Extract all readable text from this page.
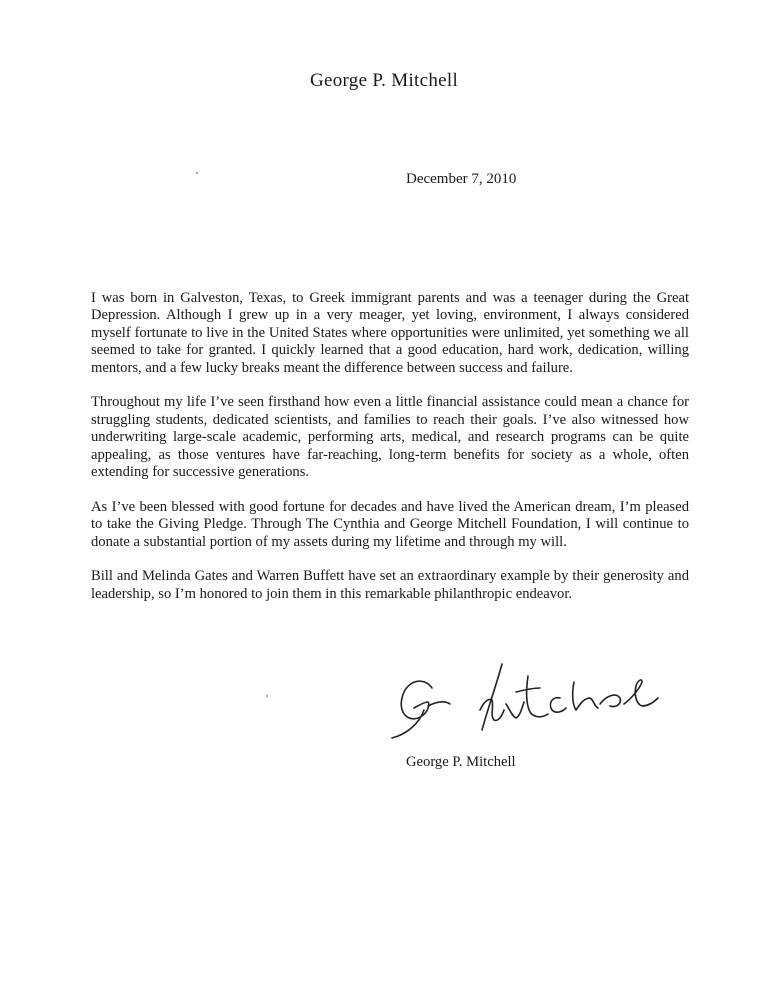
George P. Mitchell
December 7, 2010

I was born in Galveston, Texas, to Greek immigrant parents and was a teenager during the Great Depression. Although I grew up in a very meager, yet loving, environment, I always considered myself fortunate to live in the United States where opportunities were unlimited, yet something we all seemed to take for granted. I quickly learned that a good education, hard work, dedication, willing mentors, and a few lucky breaks meant the difference between success and failure.

Throughout my life I’ve seen firsthand how even a little financial assistance could mean a chance for struggling students, dedicated scientists, and families to reach their goals. I’ve also witnessed how underwriting large-scale academic, performing arts, medical, and research programs can be quite appealing, as those ventures have far-reaching, long-term benefits for society as a whole, often extending for successive generations.

As I’ve been blessed with good fortune for decades and have lived the American dream, I’m pleased to take the Giving Pledge. Through The Cynthia and George Mitchell Foundation, I will continue to donate a substantial portion of my assets during my lifetime and through my will.

Bill and Melinda Gates and Warren Buffett have set an extraordinary example by their generosity and leadership, so I’m honored to join them in this remarkable philanthropic endeavor.

George P. Mitchell
